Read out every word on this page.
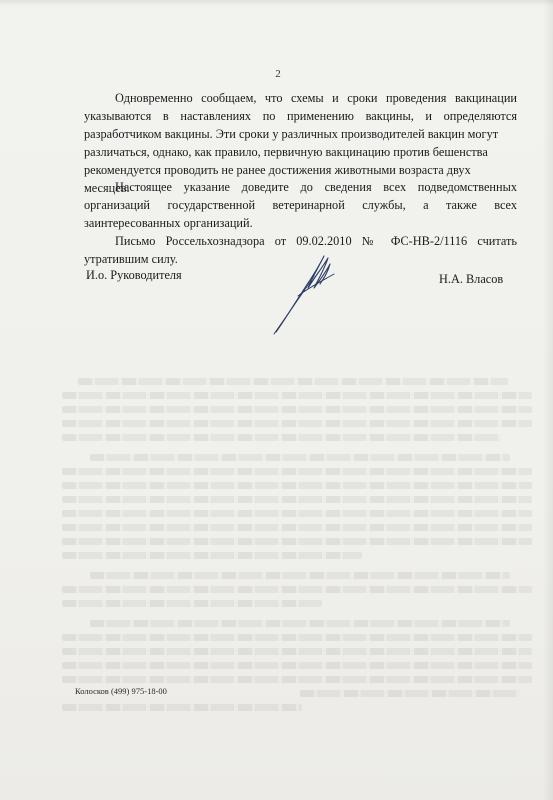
2
Одновременно сообщаем, что схемы и сроки проведения вакцинации
указываются в наставлениях по применению вакцины, и определяются
разработчиком вакцины. Эти сроки у различных производителей вакцин могут
различаться, однако, как правило, первичную вакцинацию против бешенства
рекомендуется проводить не ранее достижения животными возраста двух
месяцев.
Настоящее указание доведите до сведения всех подведомственных
организаций государственной ветеринарной службы, а также всех
заинтересованных организаций.
Письмо Россельхознадзора от 09.02.2010 № ФС-НВ-2/1116 считать
утратившим силу.
И.о. Руководителя	Н.А. Власов
Колосков (499) 975-18-00
